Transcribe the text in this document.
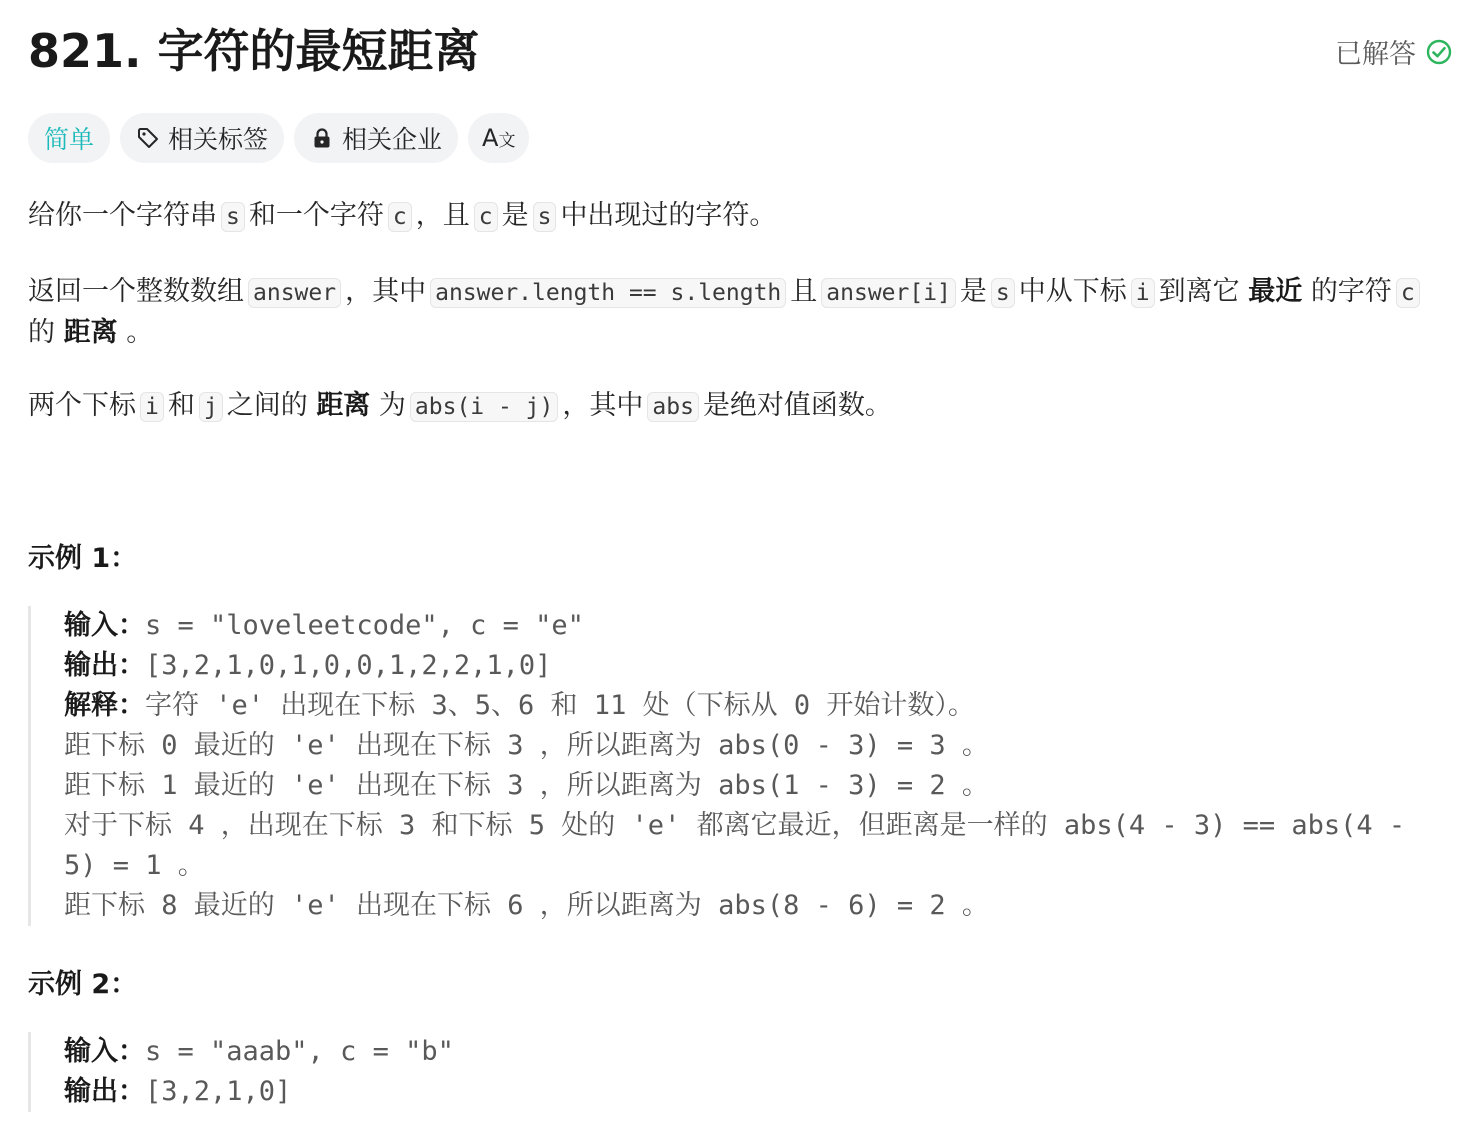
821. 字符的最短距离	已解答
简单	相关标签	相关企业 A文

给你一个字符串 s 和一个字符 c ，且 c 是 s 中出现过的字符。

返回一个整数数组 answer ，其中 answer.length == s.length 且 answer[i] 是 s 中从下标 i 到离它 最近 的字符 c的 距离 。

两个下标 i 和 j 之间的 距离 为 abs(i - j) ，其中 abs 是绝对值函数。

示例 1：

输入：s = "loveleetcode", c = "e"
输出：[3,2,1,0,1,0,0,1,2,2,1,0]
解释：字符 'e' 出现在下标 3、5、6 和 11 处（下标从 0 开始计数）。
距下标 0 最近的 'e' 出现在下标 3 ，所以距离为 abs(0 - 3) = 3 。
距下标 1 最近的 'e' 出现在下标 3 ，所以距离为 abs(1 - 3) = 2 。
对于下标 4 ，出现在下标 3 和下标 5 处的 'e' 都离它最近，但距离是一样的 abs(4 - 3) == abs(4 - 5) = 1 。
距下标 8 最近的 'e' 出现在下标 6 ，所以距离为 abs(8 - 6) = 2 。

示例 2：

输入：s = "aaab", c = "b"
输出：[3,2,1,0]
